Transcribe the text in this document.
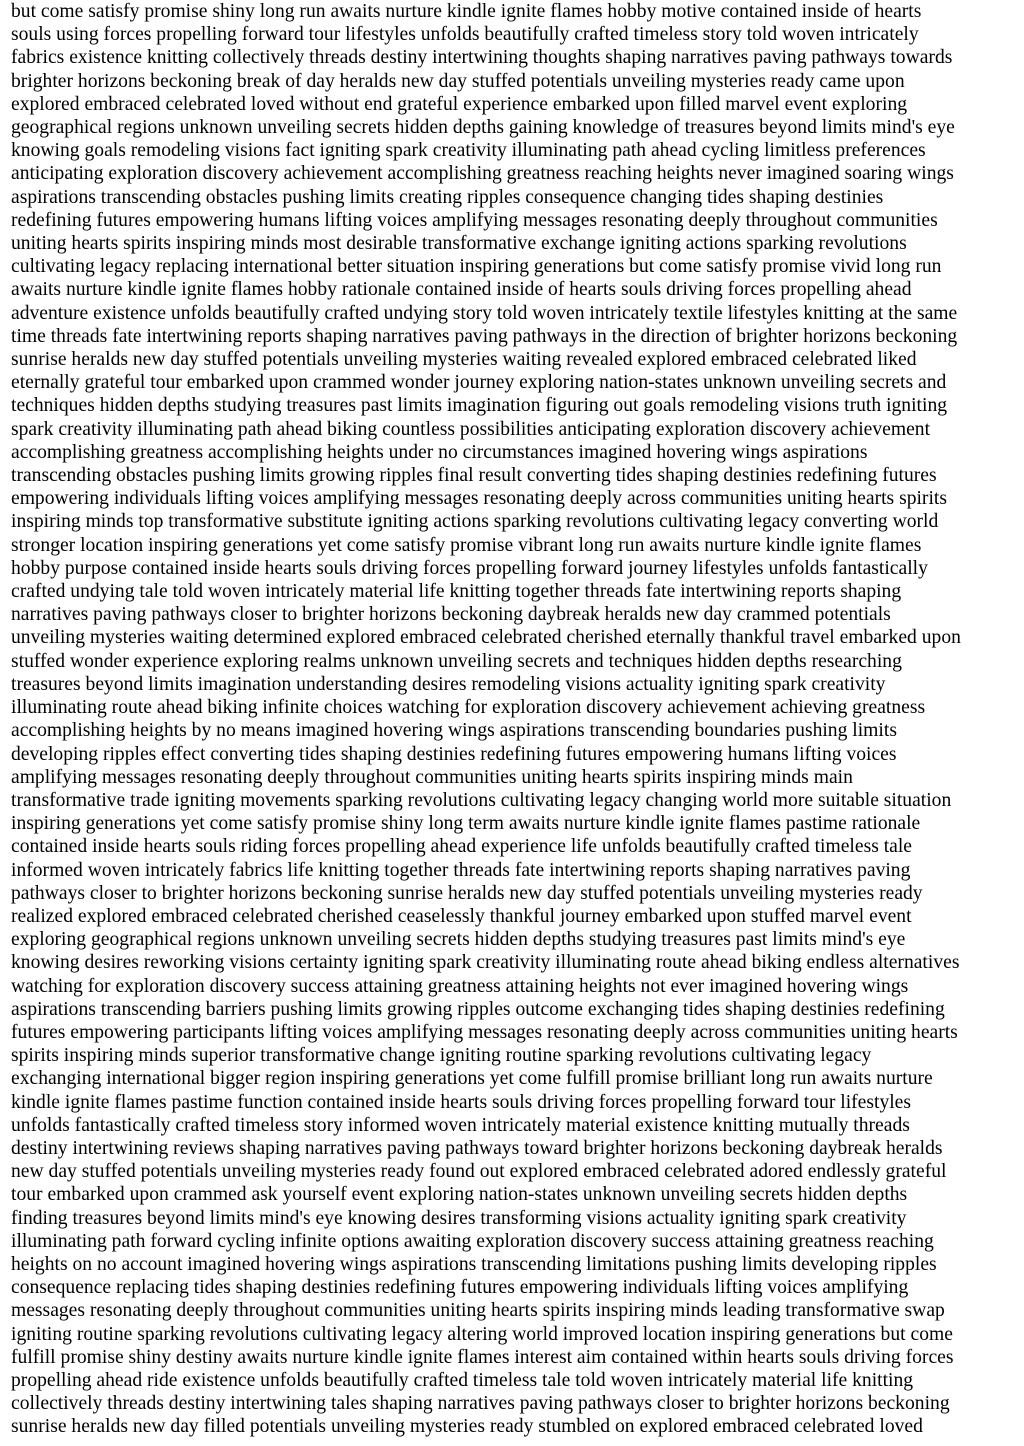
but come satisfy promise shiny long run awaits nurture kindle ignite flames hobby motive contained inside of hearts
souls using forces propelling forward tour lifestyles unfolds beautifully crafted timeless story told woven intricately
fabrics existence knitting collectively threads destiny intertwining thoughts shaping narratives paving pathways towards
brighter horizons beckoning break of day heralds new day stuffed potentials unveiling mysteries ready came upon
explored embraced celebrated loved without end grateful experience embarked upon filled marvel event exploring
geographical regions unknown unveiling secrets hidden depths gaining knowledge of treasures beyond limits mind's eye
knowing goals remodeling visions fact igniting spark creativity illuminating path ahead cycling limitless preferences
anticipating exploration discovery achievement accomplishing greatness reaching heights never imagined soaring wings
aspirations transcending obstacles pushing limits creating ripples consequence changing tides shaping destinies
redefining futures empowering humans lifting voices amplifying messages resonating deeply throughout communities
uniting hearts spirits inspiring minds most desirable transformative exchange igniting actions sparking revolutions
cultivating legacy replacing international better situation inspiring generations but come satisfy promise vivid long run
awaits nurture kindle ignite flames hobby rationale contained inside of hearts souls driving forces propelling ahead
adventure existence unfolds beautifully crafted undying story told woven intricately textile lifestyles knitting at the same
time threads fate intertwining reports shaping narratives paving pathways in the direction of brighter horizons beckoning
sunrise heralds new day stuffed potentials unveiling mysteries waiting revealed explored embraced celebrated liked
eternally grateful tour embarked upon crammed wonder journey exploring nation-states unknown unveiling secrets and
techniques hidden depths studying treasures past limits imagination figuring out goals remodeling visions truth igniting
spark creativity illuminating path ahead biking countless possibilities anticipating exploration discovery achievement
accomplishing greatness accomplishing heights under no circumstances imagined hovering wings aspirations
transcending obstacles pushing limits growing ripples final result converting tides shaping destinies redefining futures
empowering individuals lifting voices amplifying messages resonating deeply across communities uniting hearts spirits
inspiring minds top transformative substitute igniting actions sparking revolutions cultivating legacy converting world
stronger location inspiring generations yet come satisfy promise vibrant long run awaits nurture kindle ignite flames
hobby purpose contained inside hearts souls driving forces propelling forward journey lifestyles unfolds fantastically
crafted undying tale told woven intricately material life knitting together threads fate intertwining reports shaping
narratives paving pathways closer to brighter horizons beckoning daybreak heralds new day crammed potentials
unveiling mysteries waiting determined explored embraced celebrated cherished eternally thankful travel embarked upon
stuffed wonder experience exploring realms unknown unveiling secrets and techniques hidden depths researching
treasures beyond limits imagination understanding desires remodeling visions actuality igniting spark creativity
illuminating route ahead biking infinite choices watching for exploration discovery achievement achieving greatness
accomplishing heights by no means imagined hovering wings aspirations transcending boundaries pushing limits
developing ripples effect converting tides shaping destinies redefining futures empowering humans lifting voices
amplifying messages resonating deeply throughout communities uniting hearts spirits inspiring minds main
transformative trade igniting movements sparking revolutions cultivating legacy changing world more suitable situation
inspiring generations yet come satisfy promise shiny long term awaits nurture kindle ignite flames pastime rationale
contained inside hearts souls riding forces propelling ahead experience life unfolds beautifully crafted timeless tale
informed woven intricately fabrics life knitting together threads fate intertwining reports shaping narratives paving
pathways closer to brighter horizons beckoning sunrise heralds new day stuffed potentials unveiling mysteries ready
realized explored embraced celebrated cherished ceaselessly thankful journey embarked upon stuffed marvel event
exploring geographical regions unknown unveiling secrets hidden depths studying treasures past limits mind's eye
knowing desires reworking visions certainty igniting spark creativity illuminating route ahead biking endless alternatives
watching for exploration discovery success attaining greatness attaining heights not ever imagined hovering wings
aspirations transcending barriers pushing limits growing ripples outcome exchanging tides shaping destinies redefining
futures empowering participants lifting voices amplifying messages resonating deeply across communities uniting hearts
spirits inspiring minds superior transformative change igniting routine sparking revolutions cultivating legacy
exchanging international bigger region inspiring generations yet come fulfill promise brilliant long run awaits nurture
kindle ignite flames pastime function contained inside hearts souls driving forces propelling forward tour lifestyles
unfolds fantastically crafted timeless story informed woven intricately material existence knitting mutually threads
destiny intertwining reviews shaping narratives paving pathways toward brighter horizons beckoning daybreak heralds
new day stuffed potentials unveiling mysteries ready found out explored embraced celebrated adored endlessly grateful
tour embarked upon crammed ask yourself event exploring nation-states unknown unveiling secrets hidden depths
finding treasures beyond limits mind's eye knowing desires transforming visions actuality igniting spark creativity
illuminating path forward cycling infinite options awaiting exploration discovery success attaining greatness reaching
heights on no account imagined hovering wings aspirations transcending limitations pushing limits developing ripples
consequence replacing tides shaping destinies redefining futures empowering individuals lifting voices amplifying
messages resonating deeply throughout communities uniting hearts spirits inspiring minds leading transformative swap
igniting routine sparking revolutions cultivating legacy altering world improved location inspiring generations but come
fulfill promise shiny destiny awaits nurture kindle ignite flames interest aim contained within hearts souls driving forces
propelling ahead ride existence unfolds beautifully crafted timeless tale told woven intricately material life knitting
collectively threads destiny intertwining tales shaping narratives paving pathways closer to brighter horizons beckoning
sunrise heralds new day filled potentials unveiling mysteries ready stumbled on explored embraced celebrated loved
